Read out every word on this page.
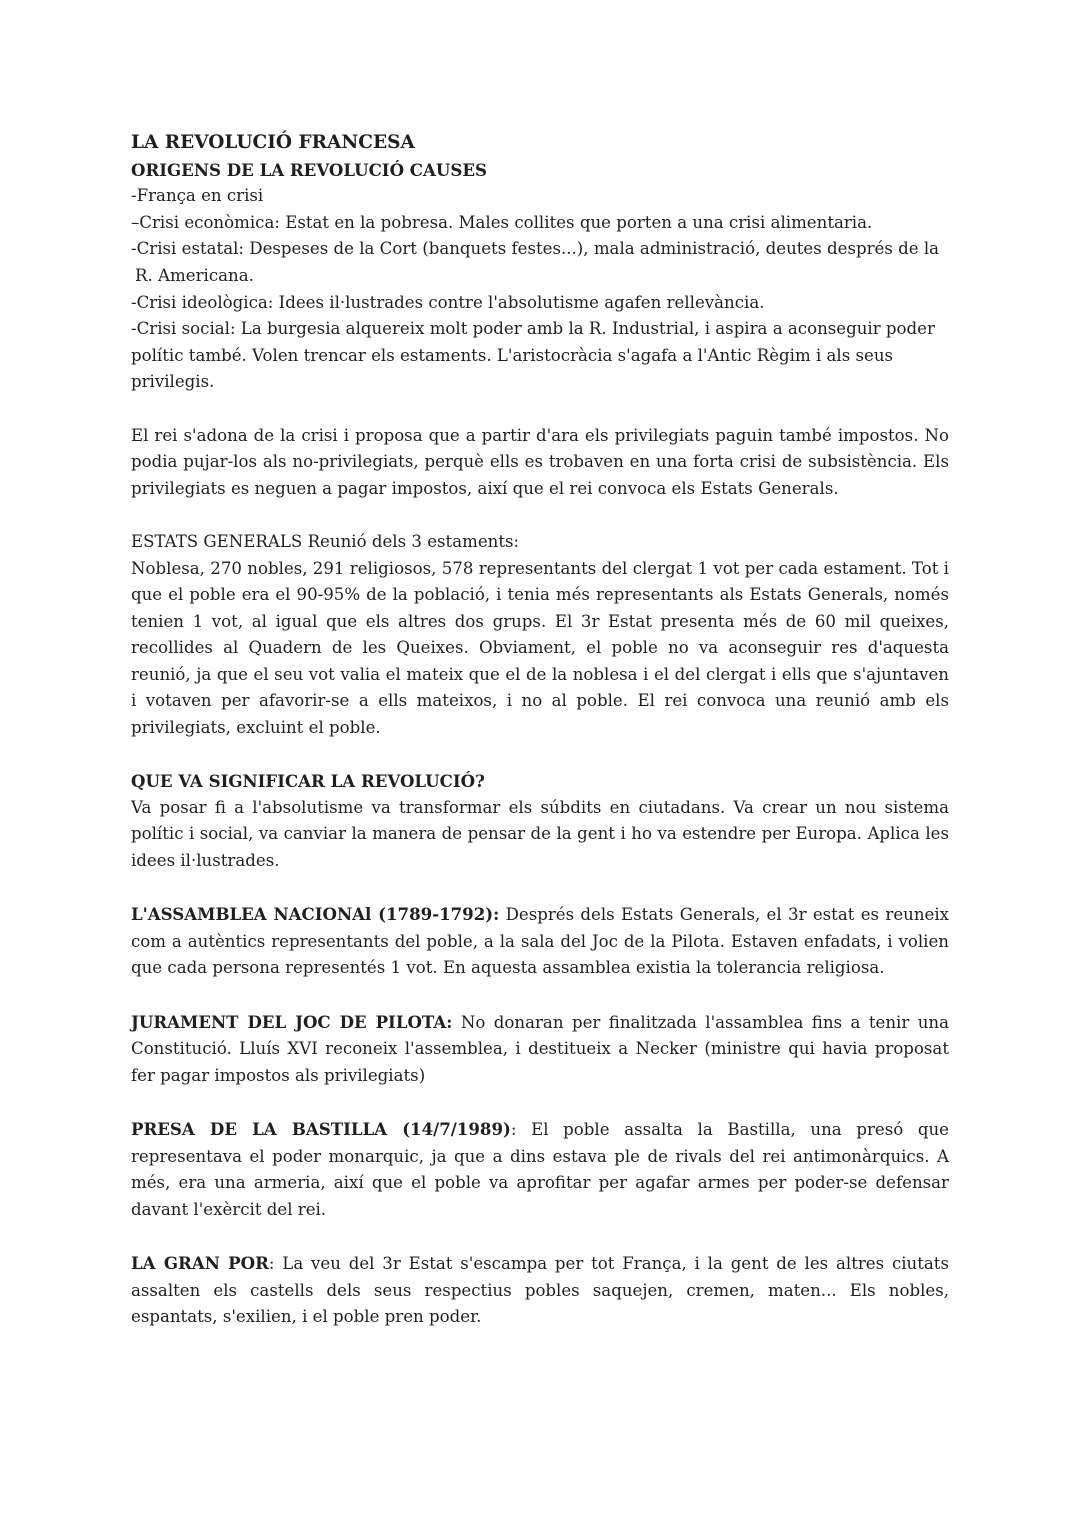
LA REVOLUCIÓ FRANCESA

ORIGENS DE LA REVOLUCIÓ CAUSES

-França en crisi

–Crisi econòmica: Estat en la pobresa. Males collites que porten a una crisi alimentaria.

-Crisi estatal: Despeses de la Cort (banquets festes...), mala administració, deutes després de la

R. Americana.

-Crisi ideològica: Idees il·lustrades contre l'absolutisme agafen rellevància.

-Crisi social: La burgesia alquereix molt poder amb la R. Industrial, i aspira a aconseguir poder polític també. Volen trencar els estaments. L'aristocràcia s'agafa a l'Antic Règim i als seus privilegis.

El rei s'adona de la crisi i proposa que a partir d'ara els privilegiats paguin també impostos. No podia pujar-los als no-privilegiats, perquè ells es trobaven en una forta crisi de subsistència. Els privilegiats es neguen a pagar impostos, així que el rei convoca els Estats Generals.

ESTATS GENERALS Reunió dels 3 estaments:

Noblesa, 270 nobles, 291 religiosos, 578 representants del clergat 1 vot per cada estament. Tot i que el poble era el 90-95% de la població, i tenia més representants als Estats Generals, només tenien 1 vot, al igual que els altres dos grups. El 3r Estat presenta més de 60 mil queixes, recollides al Quadern de les Queixes. Obviament, el poble no va aconseguir res d'aquesta reunió, ja que el seu vot valia el mateix que el de la noblesa i el del clergat i ells que s'ajuntaven i votaven per afavorir-se a ells mateixos, i no al poble. El rei convoca una reunió amb els privilegiats, excluint el poble.

QUE VA SIGNIFICAR LA REVOLUCIÓ?

Va posar fi a l'absolutisme va transformar els súbdits en ciutadans. Va crear un nou sistema polític i social, va canviar la manera de pensar de la gent i ho va estendre per Europa. Aplica les idees il·lustrades.

L'ASSAMBLEA NACIONAl (1789-1792): Després dels Estats Generals, el 3r estat es reuneix com a autèntics representants del poble, a la sala del Joc de la Pilota. Estaven enfadats, i volien que cada persona representés 1 vot. En aquesta assamblea existia la tolerancia religiosa.

JURAMENT DEL JOC DE PILOTA: No donaran per finalitzada l'assamblea fins a tenir una Constitució. Lluís XVI reconeix l'assemblea, i destitueix a Necker (ministre qui havia proposat fer pagar impostos als privilegiats)

PRESA DE LA BASTILLA (14/7/1989): El poble assalta la Bastilla, una presó que representava el poder monarquic, ja que a dins estava ple de rivals del rei antimonàrquics. A més, era una armeria, així que el poble va aprofitar per agafar armes per poder-se defensar davant l'exèrcit del rei.

LA GRAN POR: La veu del 3r Estat s'escampa per tot França, i la gent de les altres ciutats assalten els castells dels seus respectius pobles saquejen, cremen, maten... Els nobles, espantats, s'exilien, i el poble pren poder.
